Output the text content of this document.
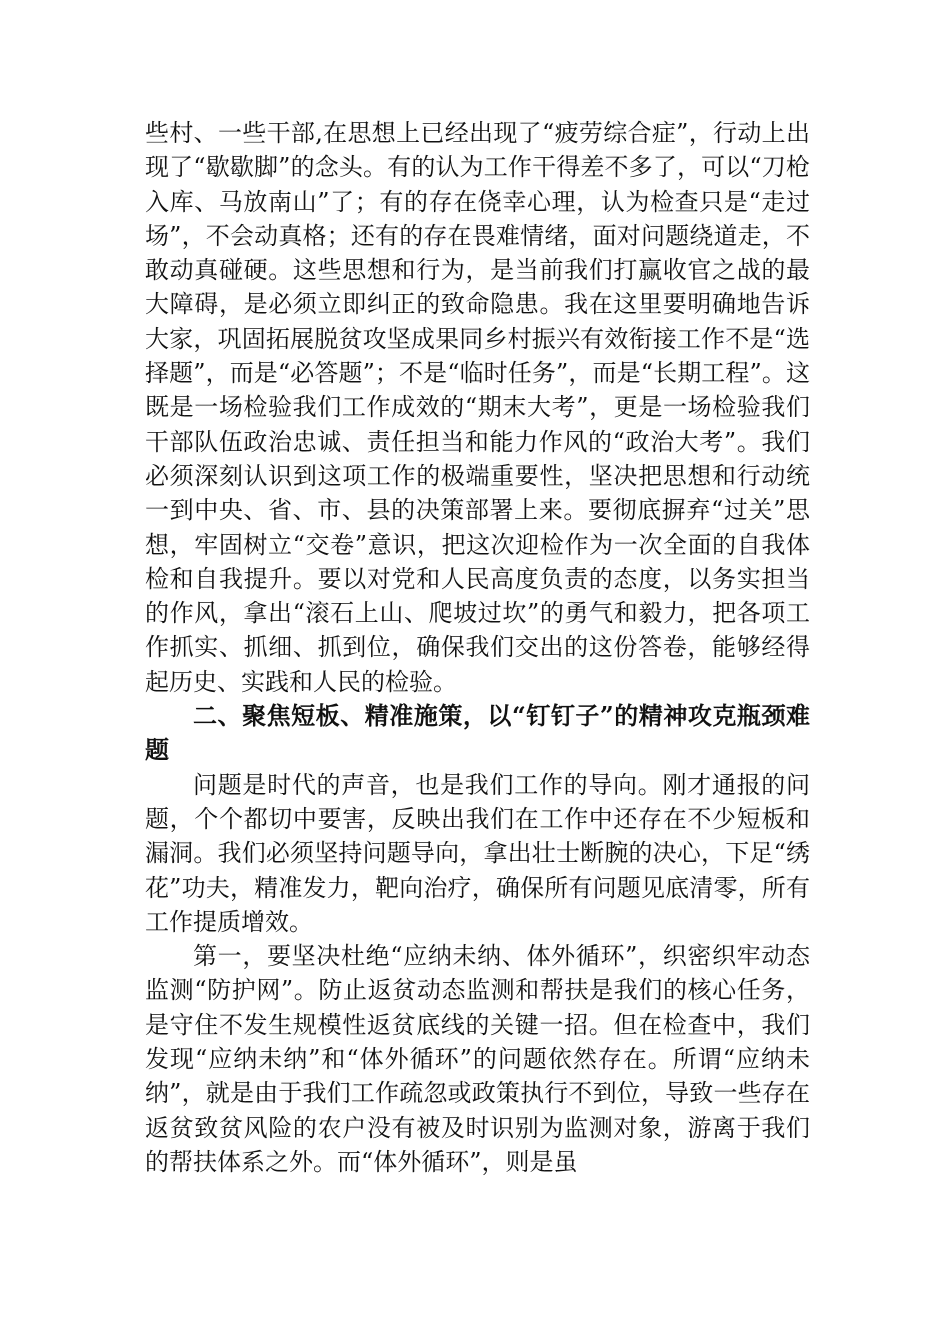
些村、一些干部,在思想上已经出现了“疲劳综合症”，行动上出现了“歇歇脚”的念头。有的认为工作干得差不多了，可以“刀枪入库、马放南山”了；有的存在侥幸心理，认为检查只是“走过场”，不会动真格；还有的存在畏难情绪，面对问题绕道走，不敢动真碰硬。这些思想和行为，是当前我们打赢收官之战的最大障碍，是必须立即纠正的致命隐患。我在这里要明确地告诉大家，巩固拓展脱贫攻坚成果同乡村振兴有效衔接工作不是“选择题”，而是“必答题”；不是“临时任务”，而是“长期工程”。这既是一场检验我们工作成效的“期末大考”，更是一场检验我们干部队伍政治忠诚、责任担当和能力作风的“政治大考”。我们必须深刻认识到这项工作的极端重要性，坚决把思想和行动统一到中央、省、市、县的决策部署上来。要彻底摒弃“过关”思想，牢固树立“交卷”意识，把这次迎检作为一次全面的自我体检和自我提升。要以对党和人民高度负责的态度，以务实担当的作风，拿出“滚石上山、爬坡过坎”的勇气和毅力，把各项工作抓实、抓细、抓到位，确保我们交出的这份答卷，能够经得起历史、实践和人民的检验。

二、聚焦短板、精准施策，以“钉钉子”的精神攻克瓶颈难题

问题是时代的声音，也是我们工作的导向。刚才通报的问题，个个都切中要害，反映出我们在工作中还存在不少短板和漏洞。我们必须坚持问题导向，拿出壮士断腕的决心，下足“绣花”功夫，精准发力，靶向治疗，确保所有问题见底清零，所有工作提质增效。

第一，要坚决杜绝“应纳未纳、体外循环”，织密织牢动态监测“防护网”。防止返贫动态监测和帮扶是我们的核心任务，是守住不发生规模性返贫底线的关键一招。但在检查中，我们发现“应纳未纳”和“体外循环”的问题依然存在。所谓“应纳未纳”，就是由于我们工作疏忽或政策执行不到位，导致一些存在返贫致贫风险的农户没有被及时识别为监测对象，游离于我们的帮扶体系之外。而“体外循环”，则是虽
